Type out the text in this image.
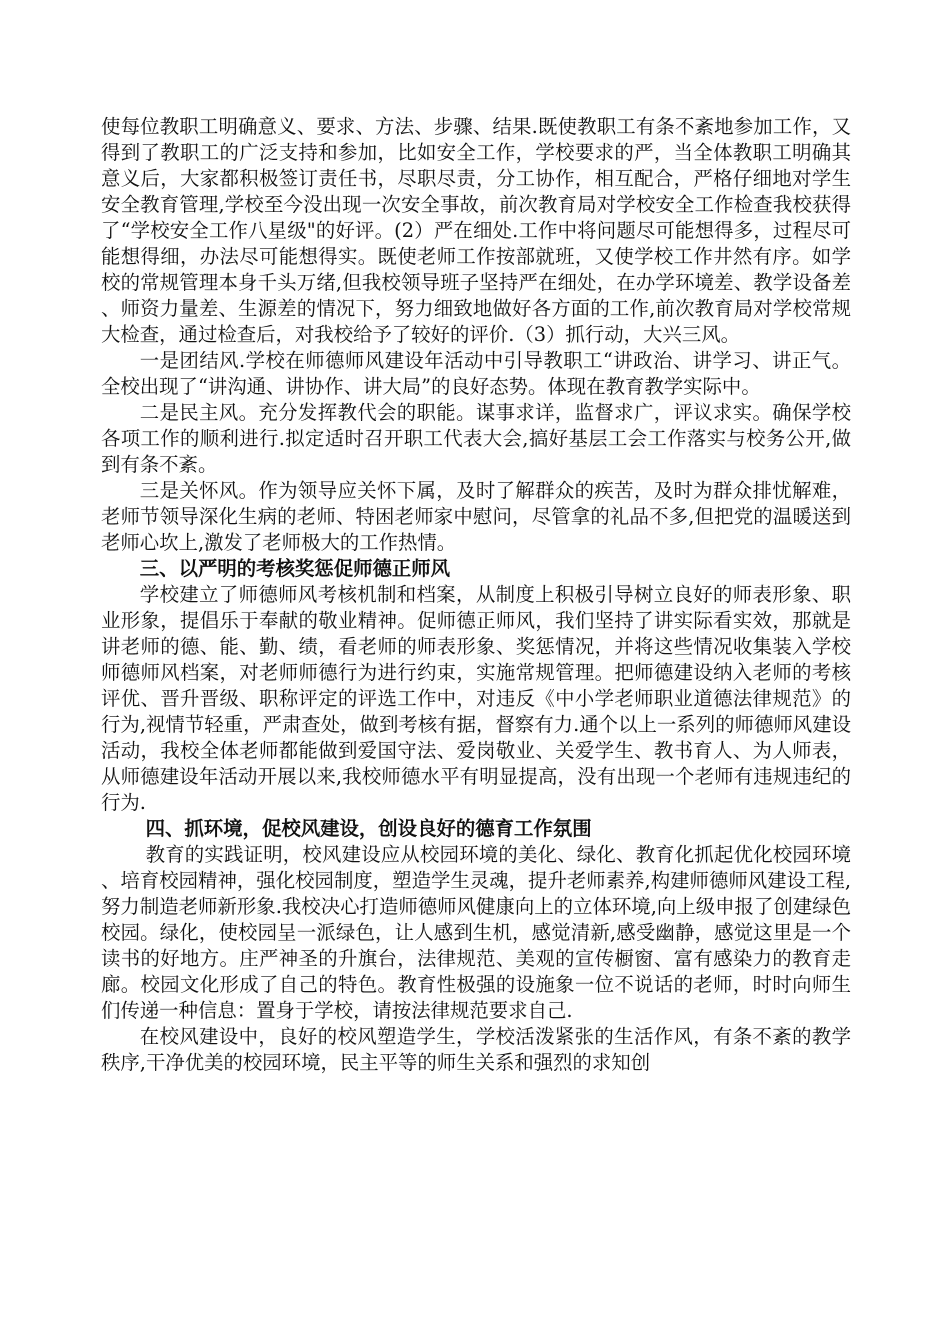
使每位教职工明确意义、要求、方法、步骤、结果.既使教职工有条不紊地参加工作，又得到了教职工的广泛支持和参加，比如安全工作，学校要求的严，当全体教职工明确其意义后，大家都积极签订责任书，尽职尽责，分工协作，相互配合，严格仔细地对学生安全教育管理,学校至今没出现一次安全事故，前次教育局对学校安全工作检查我校获得了“学校安全工作八星级"的好评。(2）严在细处.工作中将问题尽可能想得多，过程尽可能想得细，办法尽可能想得实。既使老师工作按部就班，又使学校工作井然有序。如学校的常规管理本身千头万绪,但我校领导班子坚持严在细处，在办学环境差、教学设备差、师资力量差、生源差的情况下，努力细致地做好各方面的工作,前次教育局对学校常规大检查，通过检查后，对我校给予了较好的评价.（3）抓行动，大兴三风。

一是团结风.学校在师德师风建设年活动中引导教职工“讲政治、讲学习、讲正气。全校出现了“讲沟通、讲协作、讲大局”的良好态势。体现在教育教学实际中。

二是民主风。充分发挥教代会的职能。谋事求详，监督求广，评议求实。确保学校各项工作的顺利进行.拟定适时召开职工代表大会,搞好基层工会工作落实与校务公开,做到有条不紊。

三是关怀风。作为领导应关怀下属，及时了解群众的疾苦，及时为群众排忧解难，老师节领导深化生病的老师、特困老师家中慰问，尽管拿的礼品不多,但把党的温暖送到老师心坎上,激发了老师极大的工作热情。

三、以严明的考核奖惩促师德正师风

学校建立了师德师风考核机制和档案，从制度上积极引导树立良好的师表形象、职业形象，提倡乐于奉献的敬业精神。促师德正师风，我们坚持了讲实际看实效，那就是讲老师的德、能、勤、绩，看老师的师表形象、奖惩情况，并将这些情况收集装入学校师德师风档案，对老师师德行为进行约束，实施常规管理。把师德建设纳入老师的考核评优、晋升晋级、职称评定的评选工作中，对违反《中小学老师职业道德法律规范》的行为,视情节轻重，严肃查处，做到考核有据，督察有力.通个以上一系列的师德师风建设活动，我校全体老师都能做到爱国守法、爱岗敬业、关爱学生、教书育人、为人师表，从师德建设年活动开展以来,我校师德水平有明显提高，没有出现一个老师有违规违纪的行为.

四、抓环境，促校风建设，创设良好的德育工作氛围

教育的实践证明，校风建设应从校园环境的美化、绿化、教育化抓起优化校园环境、培育校园精神，强化校园制度，塑造学生灵魂，提升老师素养,构建师德师风建设工程,努力制造老师新形象.我校决心打造师德师风健康向上的立体环境,向上级申报了创建绿色校园。绿化，使校园呈一派绿色，让人感到生机，感觉清新,感受幽静，感觉这里是一个读书的好地方。庄严神圣的升旗台，法律规范、美观的宣传橱窗、富有感染力的教育走廊。校园文化形成了自己的特色。教育性极强的设施象一位不说话的老师，时时向师生们传递一种信息：置身于学校，请按法律规范要求自己.

在校风建设中，良好的校风塑造学生，学校活泼紧张的生活作风，有条不紊的教学秩序,干净优美的校园环境，民主平等的师生关系和强烈的求知创
